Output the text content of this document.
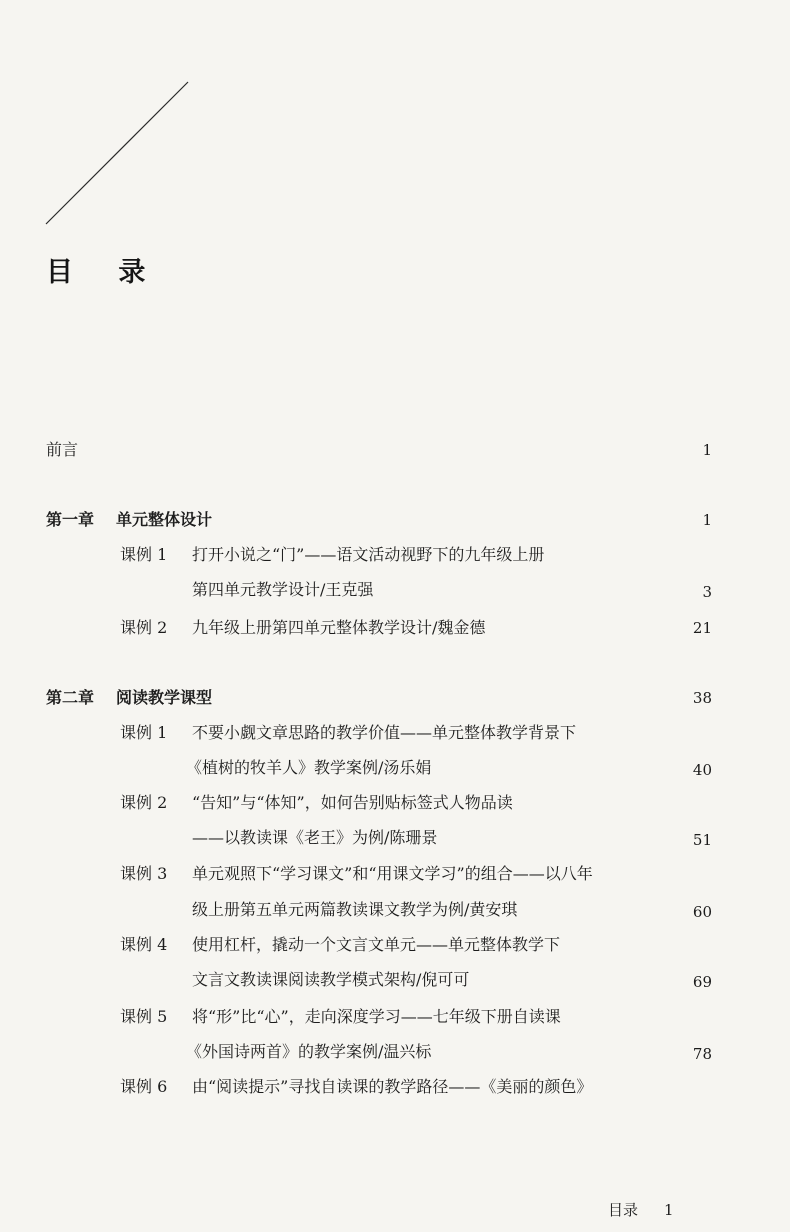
目 录
前言	1
第一章 单元整体设计	1
课例 1 打开小说之“门”——语文活动视野下的九年级上册
第四单元教学设计/王克强	3
课例 2 九年级上册第四单元整体教学设计/魏金德	21
第二章 阅读教学课型	38
课例 1 不要小觑文章思路的教学价值——单元整体教学背景下
《植树的牧羊人》教学案例/汤乐娟	40
课例 2 “告知”与“体知”，如何告别贴标签式人物品读
——以教读课《老王》为例/陈珊景	51
课例 3 单元观照下“学习课文”和“用课文学习”的组合——以八年
级上册第五单元两篇教读课文教学为例/黄安琪	60
课例 4 使用杠杆，撬动一个文言文单元——单元整体教学下
文言文教读课阅读教学模式架构/倪可可	69
课例 5 将“形”比“心”，走向深度学习——七年级下册自读课
《外国诗两首》的教学案例/温兴标	78
课例 6 由“阅读提示”寻找自读课的教学路径——《美丽的颜色》
目录 1
